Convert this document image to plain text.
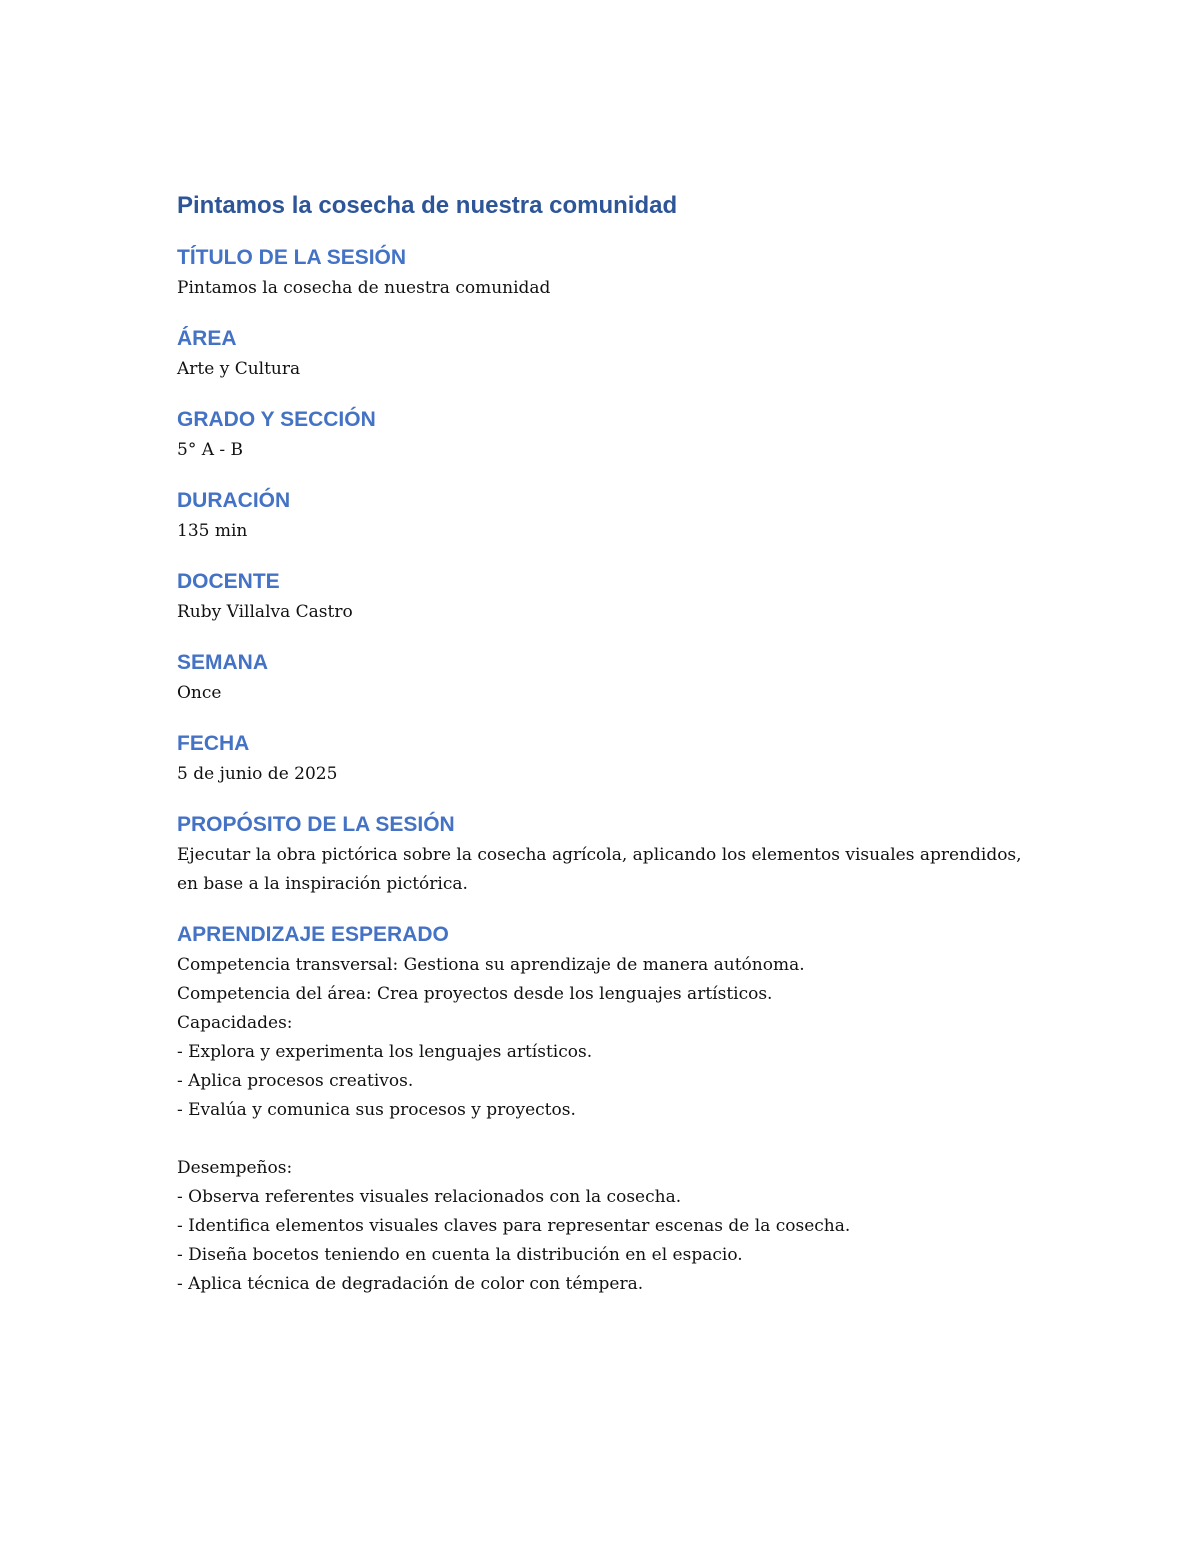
Pintamos la cosecha de nuestra comunidad
TÍTULO DE LA SESIÓN

Pintamos la cosecha de nuestra comunidad

ÁREA

Arte y Cultura

GRADO Y SECCIÓN

5° A - B

DURACIÓN

135 min

DOCENTE

Ruby Villalva Castro

SEMANA

Once

FECHA

5 de junio de 2025

PROPÓSITO DE LA SESIÓN

Ejecutar la obra pictórica sobre la cosecha agrícola, aplicando los elementos visuales aprendidos, en base a la inspiración pictórica.

APRENDIZAJE ESPERADO
Competencia transversal: Gestiona su aprendizaje de manera autónoma.
Competencia del área: Crea proyectos desde los lenguajes artísticos.
Capacidades:
- Explora y experimenta los lenguajes artísticos.
- Aplica procesos creativos.
- Evalúa y comunica sus procesos y proyectos.
Desempeños:
- Observa referentes visuales relacionados con la cosecha.
- Identifica elementos visuales claves para representar escenas de la cosecha.
- Diseña bocetos teniendo en cuenta la distribución en el espacio.
- Aplica técnica de degradación de color con témpera.
